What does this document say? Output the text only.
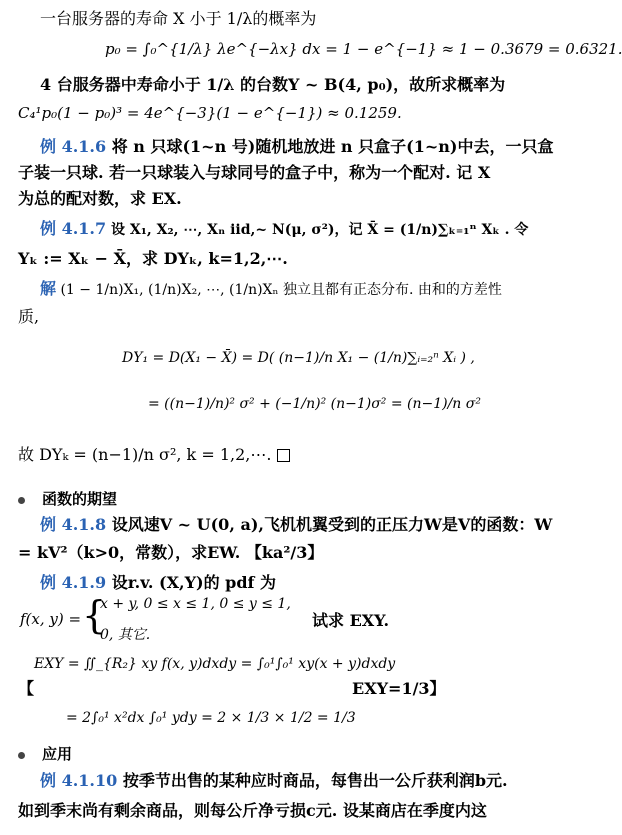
一台服务器的寿命 X 小于 1/λ的概率为
p₀ = ∫₀^{1/λ} λe^{−λx} dx = 1 − e^{−1} ≈ 1 − 0.3679 = 0.6321.
4 台服务器中寿命小于 1/λ 的台数Y ~ B(4, p₀)，故所求概率为
C₄¹p₀(1 − p₀)³ = 4e^{−3}(1 − e^{−1}) ≈ 0.1259.
例 4.1.6 将 n 只球(1~n 号)随机地放进 n 只盒子(1~n)中去，一只盒
子装一只球. 若一只球装入与球同号的盒子中，称为一个配对. 记 X
为总的配对数，求 EX.
例 4.1.7 设 X₁, X₂, ⋯, Xₙ iid,~ N(μ, σ²)，记 X̄ = (1/n)∑ₖ₌₁ⁿ Xₖ . 令
Yₖ := Xₖ − X̄，求 DYₖ, k=1,2,⋯.
解 (1 − 1/n)X₁, (1/n)X₂, ⋯, (1/n)Xₙ 独立且都有正态分布. 由和的方差性
质,
DY₁ = D(X₁ − X̄) = D( (n−1)/n X₁ − (1/n)∑ᵢ₌₂ⁿ Xᵢ ) ,
= ((n−1)/n)² σ² + (−1/n)² (n−1)σ² = (n−1)/n σ²
故 DYₖ = (n−1)/n σ², k = 1,2,⋯.
函数的期望
例 4.1.8 设风速V ~ U(0, a),飞机机翼受到的正压力W是V的函数：W
= kV²（k>0，常数），求EW. 【ka²/3】
例 4.1.9 设r.v. (X,Y)的 pdf 为
f(x, y) = {
x + y, 0 ≤ x ≤ 1, 0 ≤ y ≤ 1,
0, 其它.
试求 EXY.
EXY = ∬_{R₂} xy f(x, y)dxdy = ∫₀¹∫₀¹ xy(x + y)dxdy
【	EXY=1/3】
= 2∫₀¹ x²dx ∫₀¹ ydy = 2 × 1/3 × 1/2 = 1/3
应用
例 4.1.10 按季节出售的某种应时商品，每售出一公斤获利润b元.
如到季末尚有剩余商品，则每公斤净亏损c元. 设某商店在季度内这
